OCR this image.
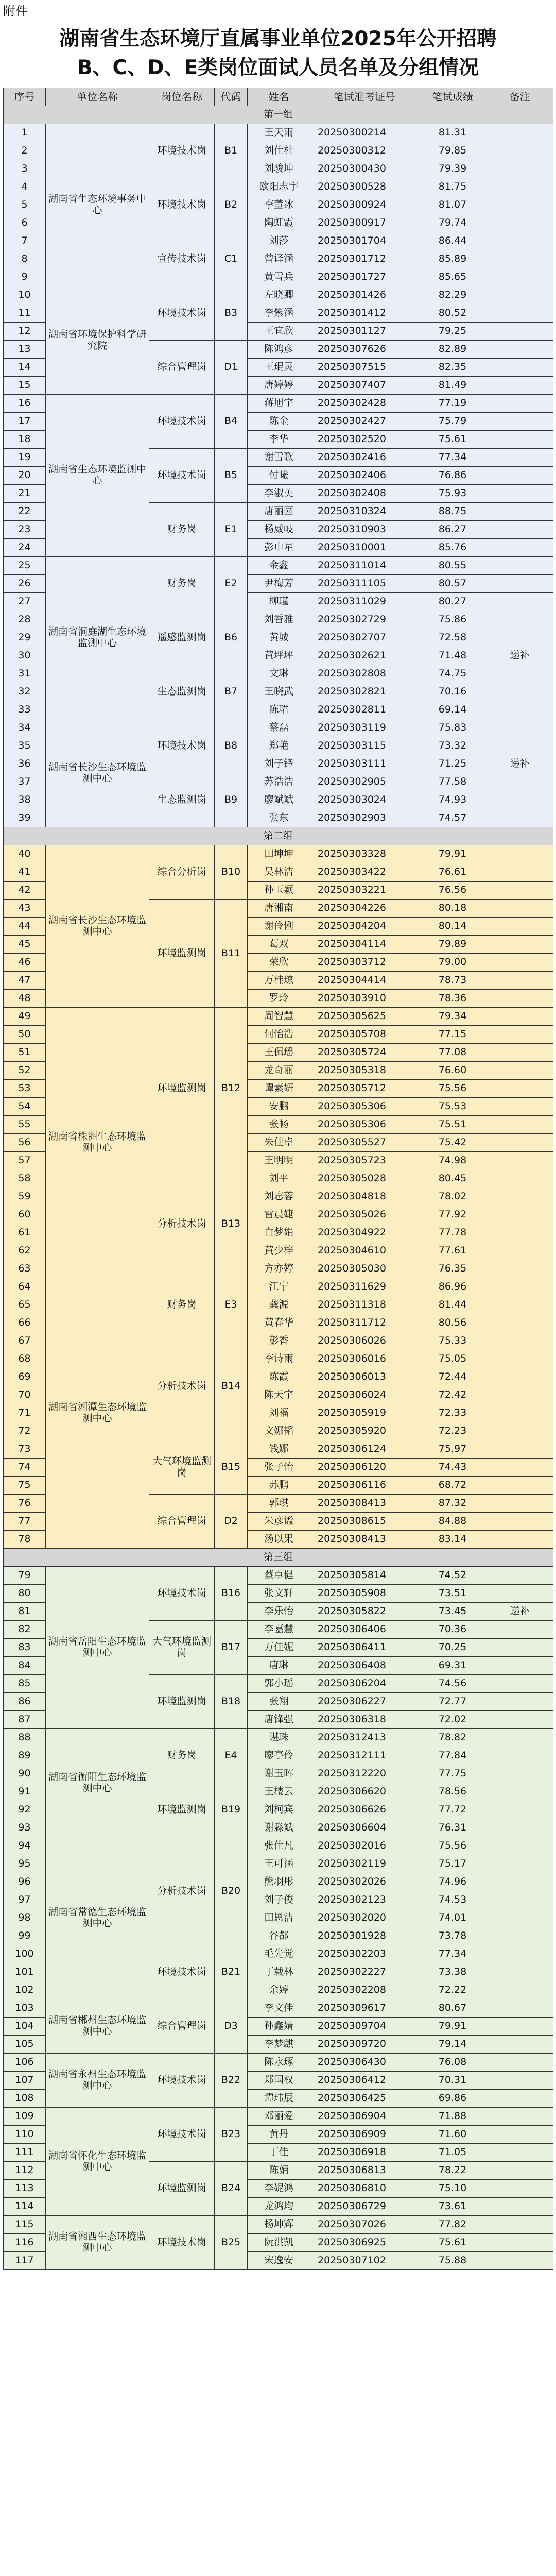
附件
湖南省生态环境厅直属事业单位2025年公开招聘
B、C、D、E类岗位面试人员名单及分组情况
序号	单位名称	岗位名称	代码	姓名	笔试准考证号	笔试成绩	备注
第一组							
1	湖南省生态环境事务中心	环境技术岗	B1	王天雨	20250300214	81.31	
2				刘仕杜	20250300312	79.85	
3				刘骏坤	20250300430	79.39	
4		环境技术岗	B2	欧阳志宇	20250300528	81.75	
5				李董冰	20250300924	81.07	
6				陶虹霞	20250300917	79.74	
7		宣传技术岗	C1	刘莎	20250301704	86.44	
8				曾译涵	20250301712	85.89	
9				黄雪兵	20250301727	85.65	
10	湖南省环境保护科学研究院	环境技术岗	B3	左晓卿	20250301426	82.29	
11				李紫涵	20250301412	80.52	
12				王宜欣	20250301127	79.25	
13		综合管理岗	D1	陈鸿彦	20250307626	82.89	
14				王琨灵	20250307515	82.35	
15				唐婷婷	20250307407	81.49	
16	湖南省生态环境监测中心	环境技术岗	B4	蒋旭宇	20250302428	77.19	
17				陈金	20250302427	75.79	
18				李华	20250302520	75.61	
19		环境技术岗	B5	谢雪歌	20250302416	77.34	
20				付曦	20250302406	76.86	
21				李淑英	20250302408	75.93	
22		财务岗	E1	唐丽园	20250310324	88.75	
23				杨威岐	20250310903	86.27	
24				彭申星	20250310001	85.76	
25	湖南省洞庭湖生态环境监测中心	财务岗	E2	金鑫	20250311014	80.55	
26				尹梅芳	20250311105	80.57	
27				柳瑾	20250311029	80.27	
28		遥感监测岗	B6	刘香雅	20250302729	75.86	
29				黄城	20250302707	72.58	
30				黄坪坪	20250302621	71.48	递补
31		生态监测岗	B7	文琳	20250302808	74.75	
32				王晓武	20250302821	70.16	
33				陈珺	20250302811	69.14	
34	湖南省长沙生态环境监测中心	环境技术岗	B8	蔡磊	20250303119	75.83	
35				郑艳	20250303115	73.32	
36				刘子锋	20250303111	71.25	递补
37		生态监测岗	B9	苏浩浩	20250302905	77.58	
38				廖斌斌	20250303024	74.93	
39				张东	20250302903	74.57	
第二组							
40	湖南省长沙生态环境监测中心	综合分析岗	B10	田坤坤	20250303328	79.91	
41				吴林洁	20250303422	76.61	
42				孙玉颖	20250303221	76.56	
43		环境监测岗	B11	唐湘南	20250304226	80.18	
44				谢伶俐	20250304204	80.14	
45				葛双	20250304114	79.89	
46				荣欣	20250303712	79.00	
47				万桂琼	20250304414	78.73	
48				罗玲	20250303910	78.36	
49	湖南省株洲生态环境监测中心	环境监测岗	B12	周智慧	20250305625	79.34	
50				何怡浩	20250305708	77.15	
51				王佩瑶	20250305724	77.08	
52				龙奇丽	20250305318	76.60	
53				谭素妍	20250305712	75.56	
54				安鹏	20250305306	75.53	
55				张畅	20250305306	75.51	
56				朱佳卓	20250305527	75.42	
57				王明明	20250305723	74.98	
58		分析技术岗	B13	刘平	20250305028	80.45	
59				刘志蓉	20250304818	78.02	
60				雷晨婕	20250305026	77.92	
61				白梦娟	20250304922	77.78	
62				黄少梓	20250304610	77.61	
63				方亦婷	20250305030	76.35	
64	湖南省湘潭生态环境监测中心	财务岗	E3	江宁	20250311629	86.96	
65				龚源	20250311318	81.44	
66				黄春华	20250311712	80.56	
67		分析技术岗	B14	彭香	20250306026	75.33	
68				李诗雨	20250306016	75.05	
69				陈霞	20250306013	72.44	
70				陈天宇	20250306024	72.42	
71				刘福	20250305919	72.33	
72				文娜韬	20250305920	72.23	
73		大气环境监测岗	B15	钱娜	20250306124	75.97	
74				张子怡	20250306120	74.43	
75				苏鹏	20250306116	68.72	
76		综合管理岗	D2	郭琪	20250308413	87.32	
77				朱彦谧	20250308615	84.88	
78				汤以果	20250308413	83.14	
第三组							
79	湖南省岳阳生态环境监测中心	环境技术岗	B16	蔡卓健	20250305814	74.52	
80				张文轩	20250305908	73.51	
81				李乐怡	20250305822	73.45	递补
82		大气环境监测岗	B17	李嘉慧	20250306406	70.36	
83				万佳妮	20250306411	70.25	
84				唐琳	20250306408	69.31	
85		环境监测岗	B18	郭小瑶	20250306204	74.56	
86				张翔	20250306227	72.77	
87				唐锋强	20250306318	72.02	
88	湖南省衡阳生态环境监测中心	财务岗	E4	谌珠	20250312413	78.82	
89				廖亭伶	20250312111	77.84	
90				谢玉晖	20250312220	77.75	
91		环境监测岗	B19	王楼云	20250306620	78.56	
92				刘柯宾	20250306626	77.72	
93				谢淼斌	20250306604	76.31	
94	湖南省常德生态环境监测中心	分析技术岗	B20	张仕凡	20250302016	75.56	
95				王可涵	20250302119	75.17	
96				熊羽彤	20250302026	74.96	
97				刘子俊	20250302123	74.53	
98				田恩洁	20250302020	74.01	
99				谷都	20250301928	73.78	
100		环境技术岗	B21	毛先觉	20250302203	77.34	
101				丁载林	20250302227	73.38	
102				余婷	20250302208	72.22	
103	湖南省郴州生态环境监测中心	综合管理岗	D3	李文佳	20250309617	80.67	
104				孙鑫婧	20250309704	79.91	
105				李梦麒	20250309720	79.14	
106	湖南省永州生态环境监测中心	环境技术岗	B22	陈永琢	20250306430	76.08	
107				郑国权	20250306412	70.31	
108				谭玮辰	20250306425	69.86	
109	湖南省怀化生态环境监测中心	环境技术岗	B23	邓丽爱	20250306904	71.88	
110				黄丹	20250306909	71.60	
111				丁佳	20250306918	71.05	
112		环境监测岗	B24	陈娟	20250306813	78.22	
113				李妮鸿	20250306810	75.10	
114				龙鸿均	20250306729	73.61	
115	湖南省湘西生态环境监测中心	环境技术岗	B25	杨坤辉	20250307026	77.82	
116				阮洪凯	20250306925	75.61	
117				宋逸安	20250307102	75.88	
